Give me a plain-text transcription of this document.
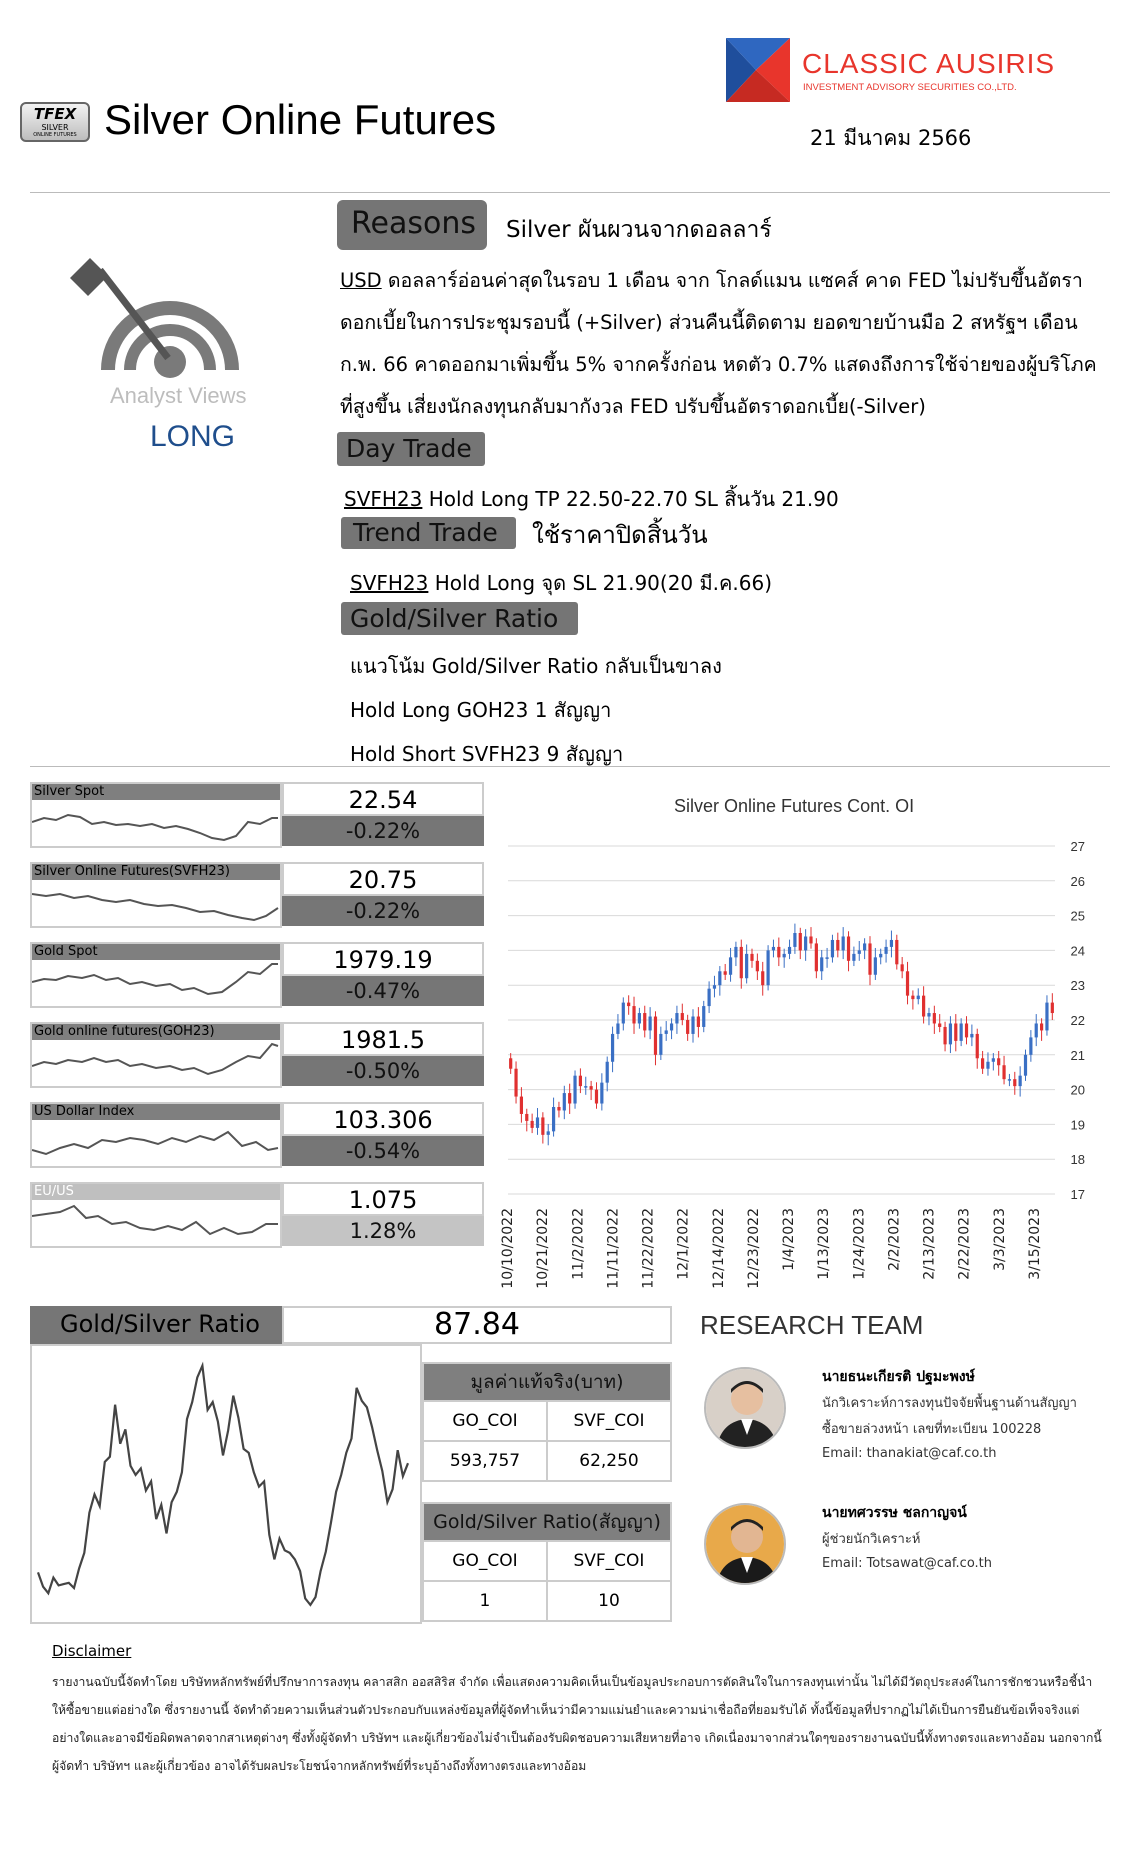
TFEX
SILVER
ONLINE FUTURES Silver Online Futures
CLASSIC AUSIRIS
INVESTMENT ADVISORY SECURITIES CO.,LTD.
21 มีนาคม 2566
Analyst Views
LONG
Reasons	Silver ผันผวนจากดอลลาร์
USD ดอลลาร์อ่อนค่าสุดในรอบ 1 เดือน จาก โกลด์แมน แซคส์ คาด FED ไม่ปรับขึ้นอัตราดอกเบี้ยในการประชุมรอบนี้ (+Silver) ส่วนคืนนี้ติดตาม ยอดขายบ้านมือ 2 สหรัฐฯ เดือน ก.พ. 66 คาดออกมาเพิ่มขึ้น 5% จากครั้งก่อน หดตัว 0.7% แสดงถึงการใช้จ่ายของผู้บริโภคที่สูงขึ้น เสี่ยงนักลงทุนกลับมากังวล FED ปรับขึ้นอัตราดอกเบี้ย(-Silver)
Day Trade
SVFH23 Hold Long TP 22.50-22.70 SL สิ้นวัน 21.90
Trend Trade	ใช้ราคาปิดสิ้นวัน
SVFH23 Hold Long จุด SL 21.90(20 มี.ค.66)
Gold/Silver Ratio
แนวโน้ม Gold/Silver Ratio กลับเป็นขาลง
Hold Long GOH23 1 สัญญา
Hold Short SVFH23 9 สัญญา
Silver Spot	22.54
-0.22%
Silver Online Futures(SVFH23)	20.75
-0.22%
Gold Spot	1979.19
-0.47%
Gold online futures(GOH23)	1981.5
-0.50%
US Dollar Index	103.306
-0.54%
EU/US	1.075
1.28%
Silver Online Futures Cont. OI
17
18
19
20
21
22
23
24
25
26
27
10/10/2022 10/21/2022 11/2/2022 11/11/2022 11/22/2022 12/1/2022 12/14/2022 12/23/2022 1/4/2023 1/13/2023 1/24/2023 2/2/2023 2/13/2023 2/22/2023 3/3/2023 3/15/2023
Gold/Silver Ratio	87.84
มูลค่าแท้จริง(บาท)	
GO_COI	SVF_COI
593,757	62,250
Gold/Silver Ratio(สัญญา)	
GO_COI	SVF_COI
1	10
RESEARCH TEAM
นายธนะเกียรติ ปฐมะพงษ์
นักวิเคราะห์การลงทุนปัจจัยพื้นฐานด้านสัญญา
ซื้อขายล่วงหน้า เลขที่ทะเบียน 100228
Email: thanakiat@caf.co.th
นายทศวรรษ ชลกาญจน์
ผู้ช่วยนักวิเคราะห์
Email: Totsawat@caf.co.th
Disclaimer
รายงานฉบับนี้จัดทำโดย บริษัทหลักทรัพย์ที่ปรึกษาการลงทุน คลาสสิก ออสสิริส จำกัด เพื่อแสดงความคิดเห็นเป็นข้อมูลประกอบการตัดสินใจในการลงทุนเท่านั้น ไม่ได้มีวัตถุประสงค์ในการชักชวนหรือชี้นำให้ซื้อขายแต่อย่างใด ซึ่งรายงานนี้ จัดทำด้วยความเห็นส่วนตัวประกอบกับแหล่งข้อมูลที่ผู้จัดทำเห็นว่ามีความแม่นยำและความน่าเชื่อถือที่ยอมรับได้ ทั้งนี้ข้อมูลที่ปรากฏไม่ได้เป็นการยืนยันข้อเท็จจริงแต่อย่างใดและอาจมีข้อผิดพลาดจากสาเหตุต่างๆ ซึ่งทั้งผู้จัดทำ บริษัทฯ และผู้เกี่ยวข้องไม่จำเป็นต้องรับผิดชอบความเสียหายที่อาจ เกิดเนื่องมาจากส่วนใดๆของรายงานฉบับนี้ทั้งทางตรงและทางอ้อม นอกจากนี้ผู้จัดทำ บริษัทฯ และผู้เกี่ยวข้อง อาจได้รับผลประโยชน์จากหลักทรัพย์ที่ระบุอ้างถึงทั้งทางตรงและทางอ้อม
